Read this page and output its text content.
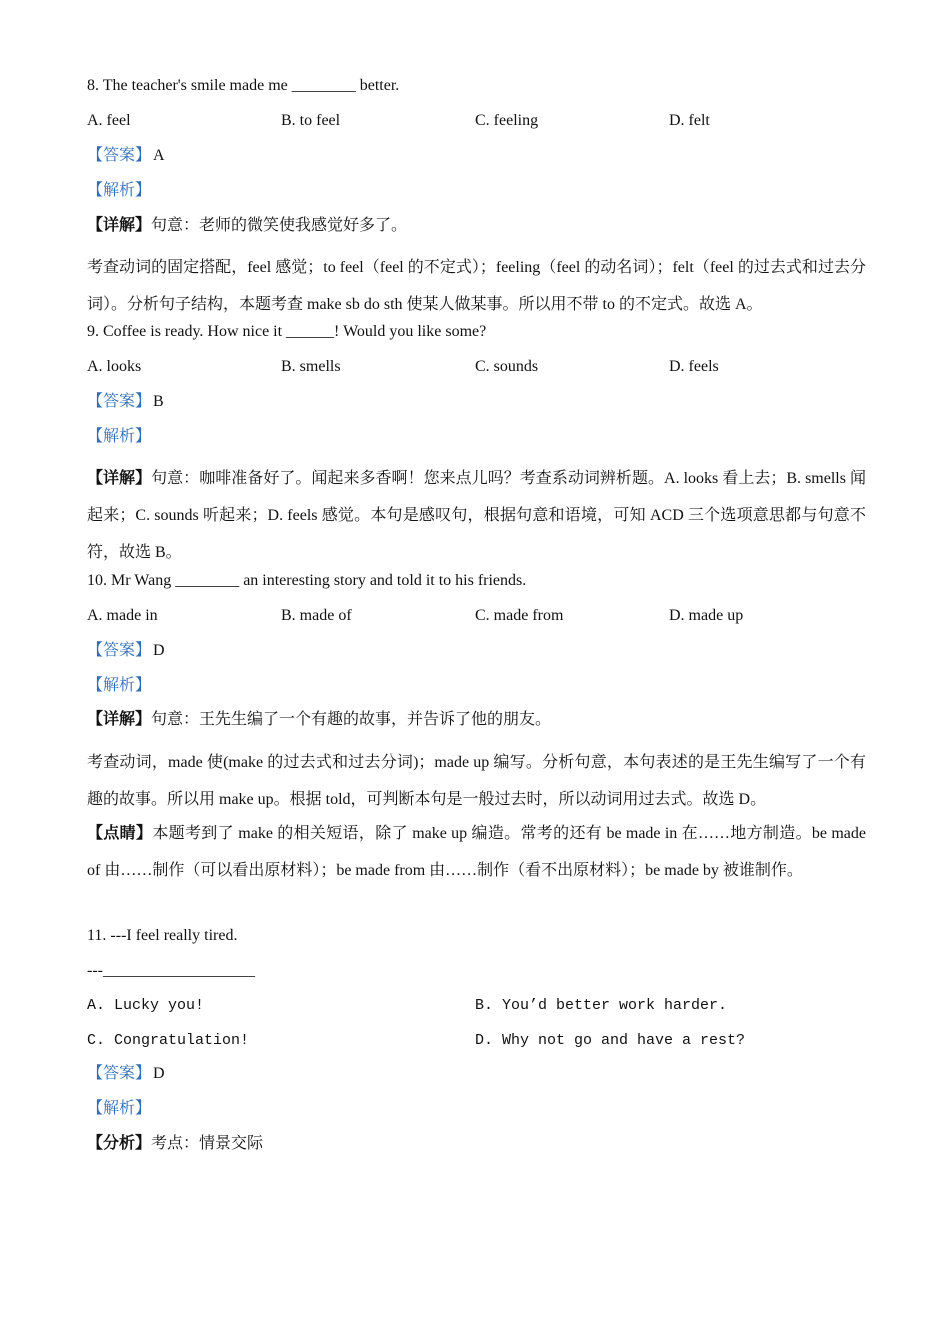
8. The teacher's smile made me ________ better.
A. feel	B. to feel	C. feeling	D. felt
【答案】 A
【解析】
【详解】句意：老师的微笑使我感觉好多了。
考查动词的固定搭配，feel 感觉；to feel（feel 的不定式）；feeling（feel 的动名词）；felt（feel 的过去式和过去分词）。分析句子结构，本题考查 make sb do sth 使某人做某事。所以用不带 to 的不定式。故选 A。
9. Coffee is ready. How nice it ______! Would you like some?
A. looks	B. smells	C. sounds	D. feels
【答案】 B
【解析】
【详解】句意：咖啡准备好了。闻起来多香啊！您来点儿吗？考查系动词辨析题。A. looks 看上去；B. smells 闻起来；C. sounds 听起来；D. feels 感觉。本句是感叹句，根据句意和语境，可知 ACD 三个选项意思都与句意不符，故选 B。
10. Mr Wang ________ an interesting story and told it to his friends.
A. made in	B. made of	C. made from	D. made up
【答案】 D
【解析】
【详解】句意：王先生编了一个有趣的故事，并告诉了他的朋友。
考查动词，made 使(make 的过去式和过去分词)；made up 编写。分析句意，本句表述的是王先生编写了一个有趣的故事。所以用 make up。根据 told，可判断本句是一般过去时，所以动词用过去式。故选 D。
【点睛】本题考到了 make 的相关短语，除了 make up 编造。常考的还有 be made in 在……地方制造。be made of 由……制作（可以看出原材料）；be made from 由……制作（看不出原材料）；be made by 被谁制作。
11. ---I feel really tired.
---___________________
A. Lucky you!	B. You’d better work harder.
C. Congratulation!	D. Why not go and have a rest?
【答案】 D
【解析】
【分析】考点：情景交际
